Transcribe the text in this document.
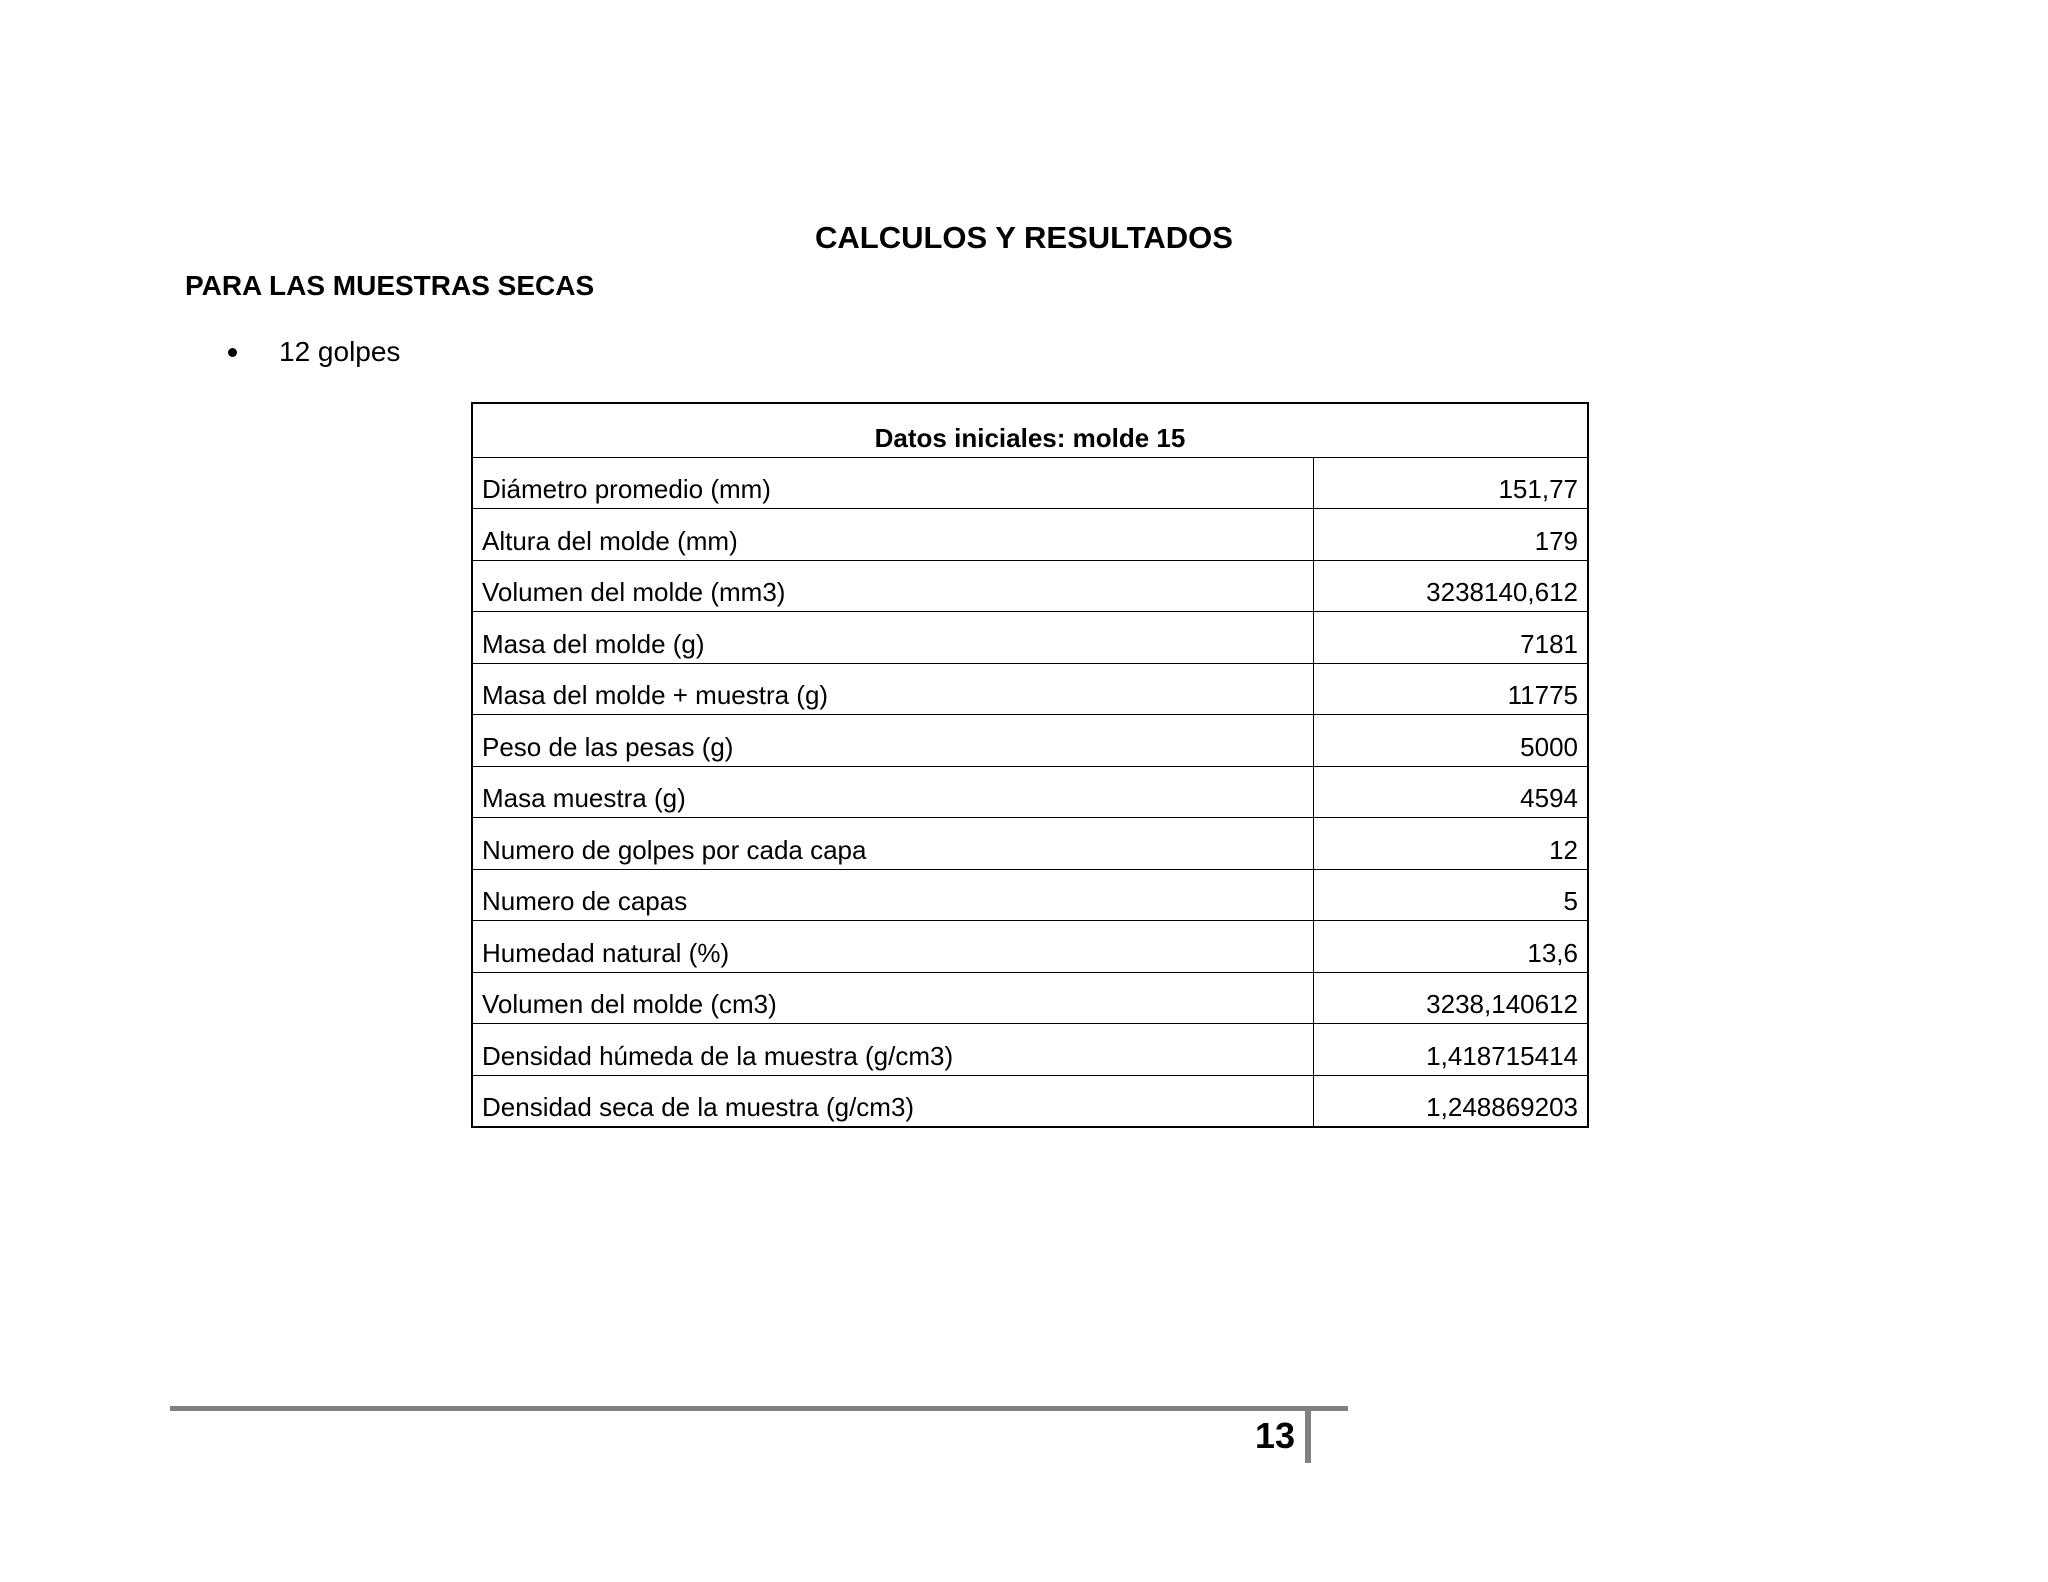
CALCULOS Y RESULTADOS
PARA LAS MUESTRAS SECAS
12 golpes
Datos iniciales: molde 15	
Diámetro promedio (mm)	151,77
Altura del molde (mm)	179
Volumen del molde (mm3)	3238140,612
Masa del molde (g)	7181
Masa del molde + muestra (g)	11775
Peso de las pesas (g)	5000
Masa muestra (g)	4594
Numero de golpes por cada capa	12
Numero de capas	5
Humedad natural (%)	13,6
Volumen del molde (cm3)	3238,140612
Densidad húmeda de la muestra (g/cm3)	1,418715414
Densidad seca de la muestra (g/cm3)	1,248869203
13
